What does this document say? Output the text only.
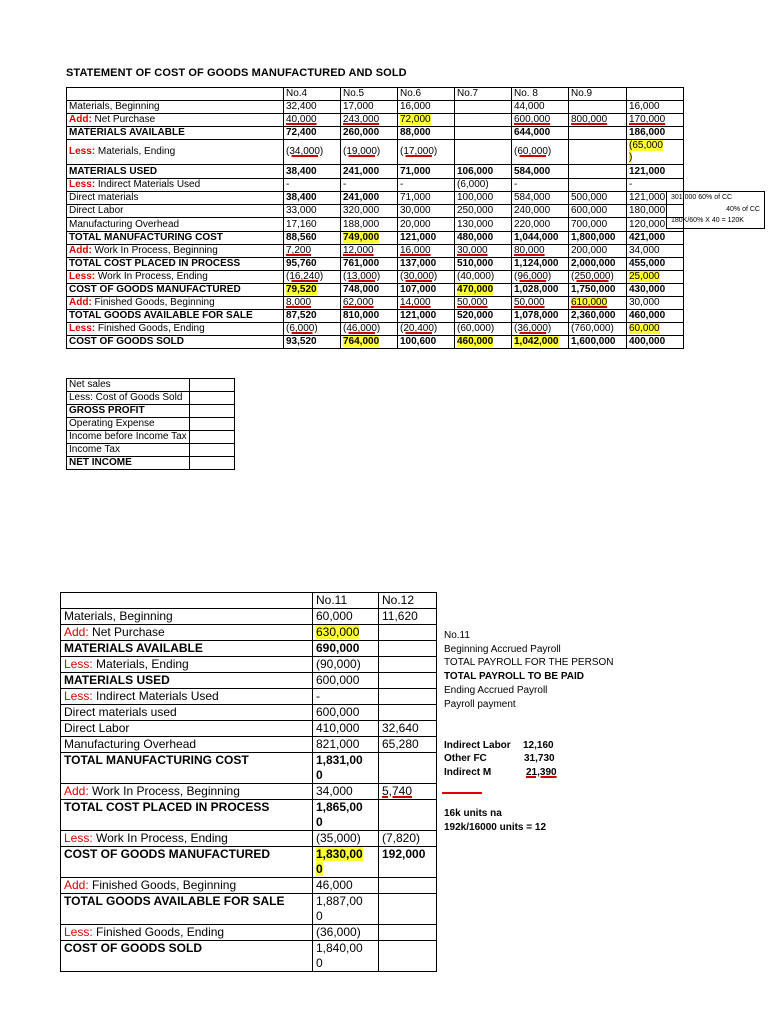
STATEMENT OF COST OF GOODS MANUFACTURED AND SOLD
	No.4	No.5	No.6	No.7	No. 8	No.9	
Materials, Beginning	32,400	17,000	16,000		44,000		16,000
Add: Net Purchase	40,000	243,000	72,000		600,000	800,000	170,000
MATERIALS AVAILABLE	72,400	260,000	88,000		644,000		186,000
Less: Materials, Ending	(34,000)	(19,000)	(17,000)		(60,000)		(65,000
)
MATERIALS USED	38,400	241,000	71,000	106,000	584,000		121,000
Less: Indirect Materials Used	-	-	-	(6,000)	-		-
Direct materials	38,400	241,000	71,000	100,000	584,000	500,000	121,000
Direct Labor	33,000	320,000	30,000	250,000	240,000	600,000	180,000
Manufacturing Overhead	17,160	188,000	20,000	130,000	220,000	700,000	120,000
TOTAL MANUFACTURING COST	88,560	749,000	121,000	480,000	1,044,000	1,800,000	421,000
Add: Work In Process, Beginning	7,200	12,000	16,000	30,000	80,000	200,000	34,000
TOTAL COST PLACED IN PROCESS	95,760	761,000	137,000	510,000	1,124,000	2,000,000	455,000
Less: Work In Process, Ending	(16,240)	(13,000)	(30,000)	(40,000)	(96,000)	(250,000)	25,000
COST OF GOODS MANUFACTURED	79,520	748,000	107,000	470,000	1,028,000	1,750,000	430,000
Add: Finished Goods, Beginning	8,000	62,000	14,000	50,000	50,000	610,000	30,000
TOTAL GOODS AVAILABLE FOR SALE	87,520	810,000	121,000	520,000	1,078,000	2,360,000	460,000
Less: Finished Goods, Ending	(6,000)	(46,000)	(20,400)	(60,000)	(36,000)	(760,000)	60,000
COST OF GOODS SOLD	93,520	764,000	100,600	460,000	1,042,000	1,600,000	400,000
301,000 60% of CC
40% of CC
180K/60% X 40 = 120K
Net sales	
Less: Cost of Goods Sold	
GROSS PROFIT	
Operating Expense	
Income before Income Tax	
Income Tax	
NET INCOME	
	No.11	No.12
Materials, Beginning	60,000	11,620
Add: Net Purchase	630,000	
MATERIALS AVAILABLE	690,000	
Less: Materials, Ending	(90,000)	
MATERIALS USED	600,000	
Less: Indirect Materials Used	-	
Direct materials used	600,000	
Direct Labor	410,000	32,640
Manufacturing Overhead	821,000	65,280
TOTAL MANUFACTURING COST	1,831,00
0	
Add: Work In Process, Beginning	34,000	5,740
TOTAL COST PLACED IN PROCESS	1,865,00
0	
Less: Work In Process, Ending	(35,000)	(7,820)
COST OF GOODS MANUFACTURED	1,830,00
0	192,000
Add: Finished Goods, Beginning	46,000	
TOTAL GOODS AVAILABLE FOR SALE	1,887,00
0	
Less: Finished Goods, Ending	(36,000)	
COST OF GOODS SOLD	1,840,00
0	
No.11
Beginning Accrued Payroll
TOTAL PAYROLL FOR THE PERSON
TOTAL PAYROLL TO BE PAID
Ending Accrued Payroll
Payroll payment
Indirect Labor 12,160
Other FC	31,730
Indirect M	21,390
16k units na
192k/16000 units = 12
